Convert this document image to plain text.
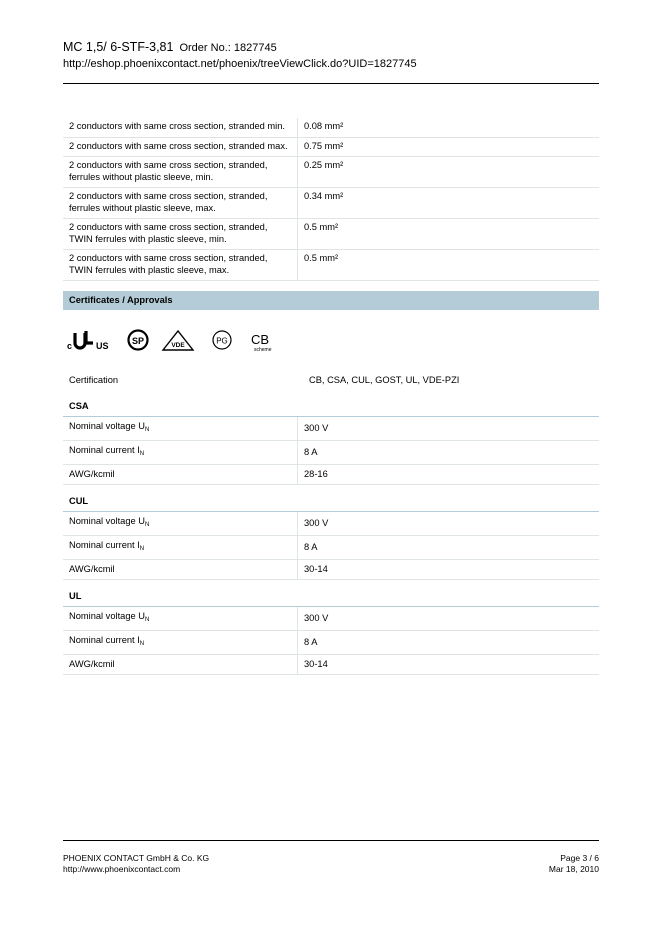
MC 1,5/ 6-STF-3,81 Order No.: 1827745
http://eshop.phoenixcontact.net/phoenix/treeViewClick.do?UID=1827745
2 conductors with same cross section, stranded min.	0.08 mm²
2 conductors with same cross section, stranded max.	0.75 mm²
2 conductors with same cross section, stranded, ferrules without plastic sleeve, min.	0.25 mm²
2 conductors with same cross section, stranded, ferrules without plastic sleeve, max.	0.34 mm²
2 conductors with same cross section, stranded, TWIN ferrules with plastic sleeve, min.	0.5 mm²
2 conductors with same cross section, stranded, TWIN ferrules with plastic sleeve, max.	0.5 mm²
Certificates / Approvals
c	US	SP	VDE	PG CB
scheme
Certification	CB, CSA, CUL, GOST, UL, VDE-PZI
CSA
Nominal voltage $U_N$	300 V
Nominal current $I_N$	8 A
AWG/kcmil	28-16
CUL
Nominal voltage $U_N$	300 V
Nominal current $I_N$	8 A
AWG/kcmil	30-14
UL
Nominal voltage $U_N$	300 V
Nominal current $I_N$	8 A
AWG/kcmil	30-14
PHOENIX CONTACT GmbH & Co. KG
http://www.phoenixcontact.com
Page 3 / 6
Mar 18, 2010
